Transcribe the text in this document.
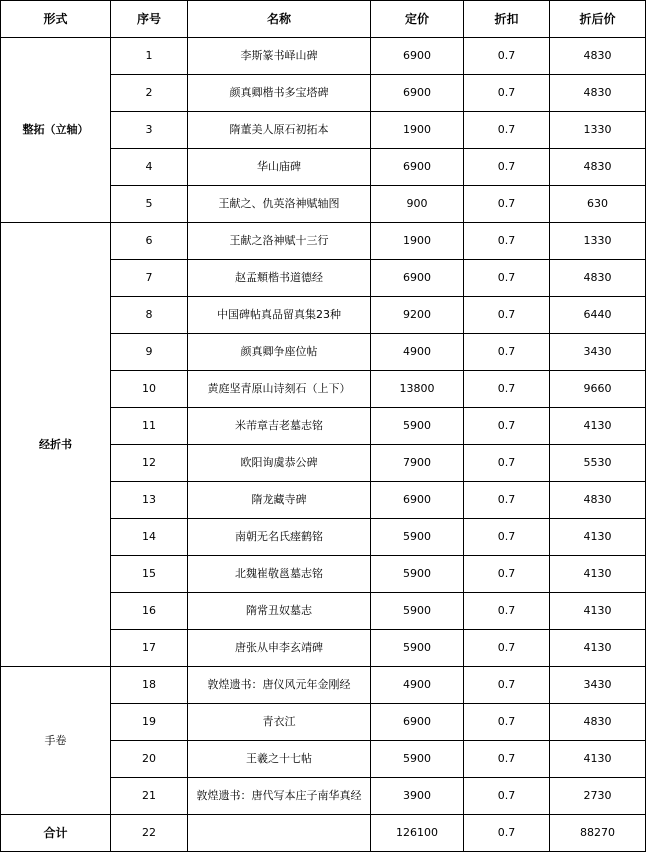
形式	序号	名称	定价	折扣	折后价
整拓（立轴）	1	李斯篆书峄山碑	6900	0.7	4830
	2	颜真卿楷书多宝塔碑	6900	0.7	4830
	3	隋董美人原石初拓本	1900	0.7	1330
	4	华山庙碑	6900	0.7	4830
	5	王献之、仇英洛神赋轴图	900	0.7	630
经折书	6	王献之洛神赋十三行	1900	0.7	1330
	7	赵孟頫楷书道德经	6900	0.7	4830
	8	中国碑帖真品留真集23种	9200	0.7	6440
	9	颜真卿争座位帖	4900	0.7	3430
	10	黄庭坚青原山诗刻石（上下）	13800	0.7	9660
	11	米芾章吉老墓志铭	5900	0.7	4130
	12	欧阳询虞恭公碑	7900	0.7	5530
	13	隋龙藏寺碑	6900	0.7	4830
	14	南朝无名氏瘗鹤铭	5900	0.7	4130
	15	北魏崔敬邕墓志铭	5900	0.7	4130
	16	隋常丑奴墓志	5900	0.7	4130
	17	唐张从申李玄靖碑	5900	0.7	4130
手卷	18	敦煌遗书：唐仪风元年金刚经	4900	0.7	3430
	19	青衣江	6900	0.7	4830
	20	王羲之十七帖	5900	0.7	4130
	21	敦煌遗书：唐代写本庄子南华真经	3900	0.7	2730
合计	22		126100	0.7	88270
